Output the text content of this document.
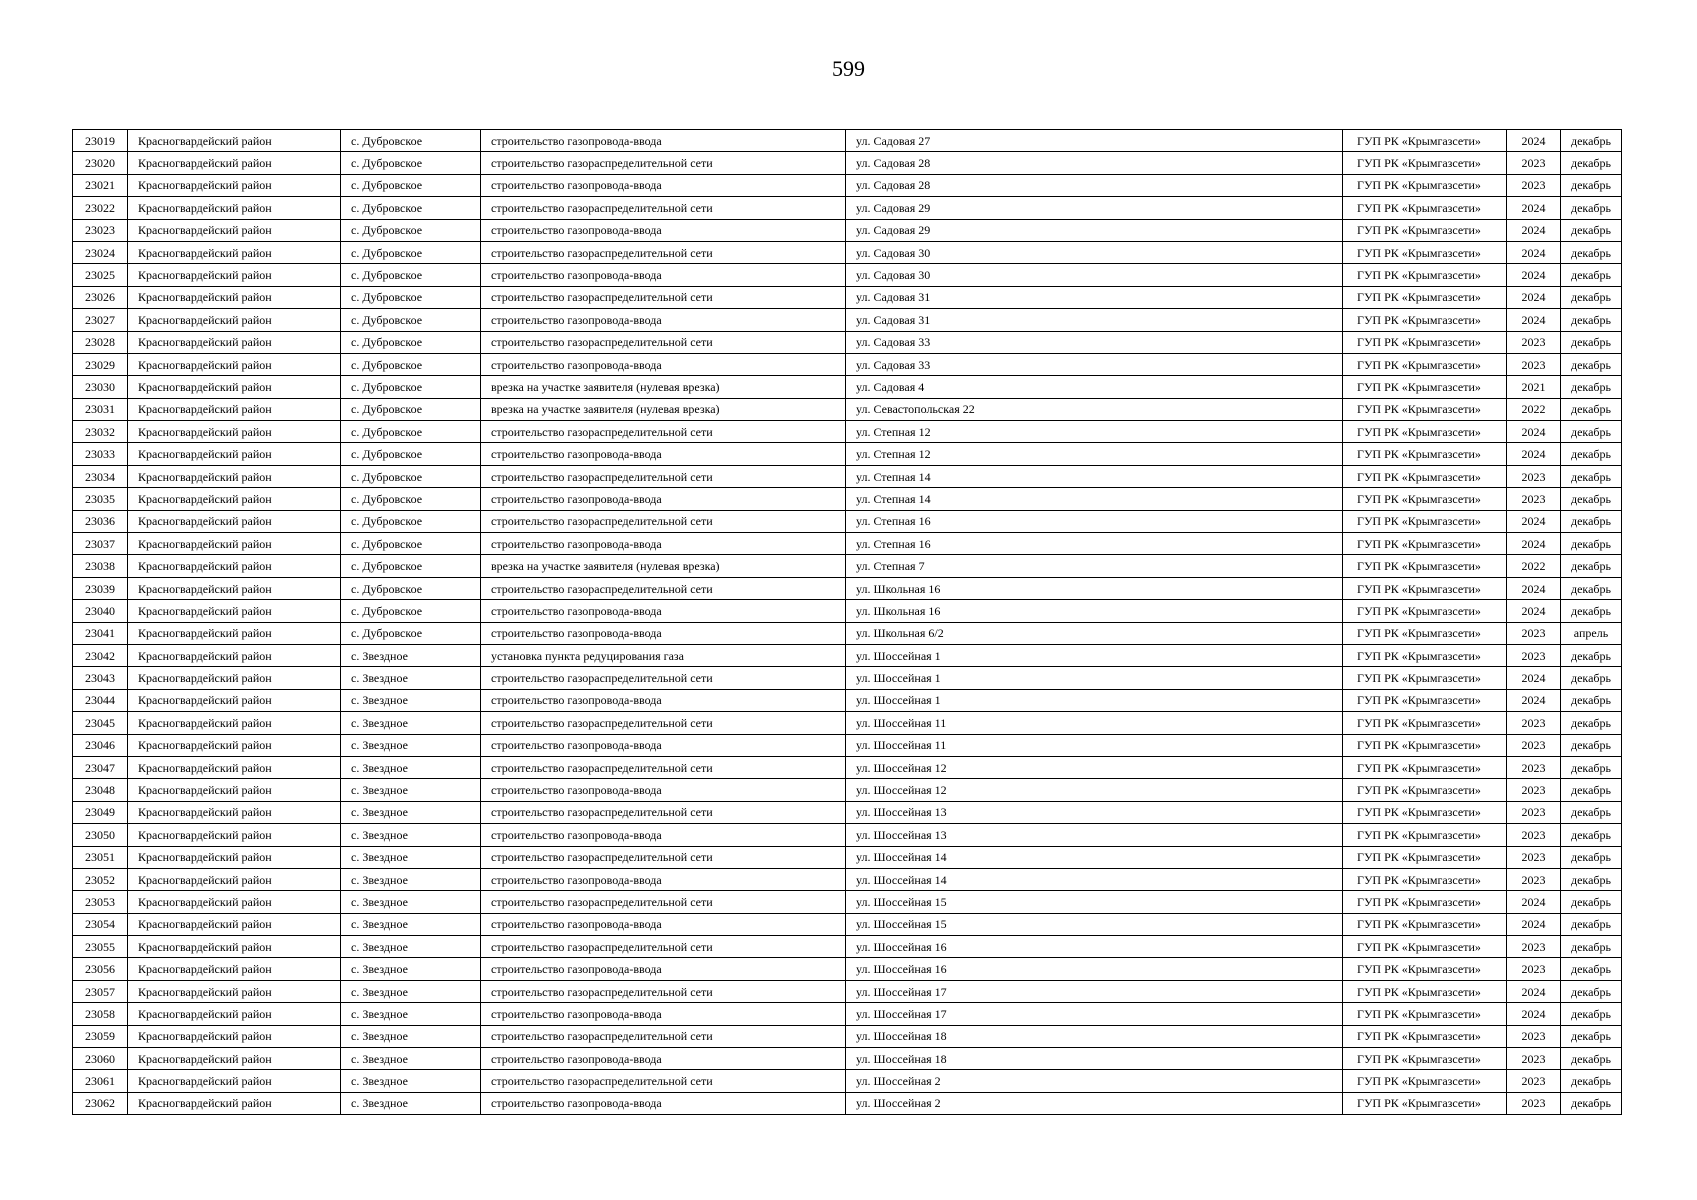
599
23019	Красногвардейский район	с. Дубровское	строительство газопровода-ввода	ул. Садовая 27	ГУП РК «Крымгазсети»	2024	декабрь
23020	Красногвардейский район	с. Дубровское	строительство газораспределительной сети	ул. Садовая 28	ГУП РК «Крымгазсети»	2023	декабрь
23021	Красногвардейский район	с. Дубровское	строительство газопровода-ввода	ул. Садовая 28	ГУП РК «Крымгазсети»	2023	декабрь
23022	Красногвардейский район	с. Дубровское	строительство газораспределительной сети	ул. Садовая 29	ГУП РК «Крымгазсети»	2024	декабрь
23023	Красногвардейский район	с. Дубровское	строительство газопровода-ввода	ул. Садовая 29	ГУП РК «Крымгазсети»	2024	декабрь
23024	Красногвардейский район	с. Дубровское	строительство газораспределительной сети	ул. Садовая 30	ГУП РК «Крымгазсети»	2024	декабрь
23025	Красногвардейский район	с. Дубровское	строительство газопровода-ввода	ул. Садовая 30	ГУП РК «Крымгазсети»	2024	декабрь
23026	Красногвардейский район	с. Дубровское	строительство газораспределительной сети	ул. Садовая 31	ГУП РК «Крымгазсети»	2024	декабрь
23027	Красногвардейский район	с. Дубровское	строительство газопровода-ввода	ул. Садовая 31	ГУП РК «Крымгазсети»	2024	декабрь
23028	Красногвардейский район	с. Дубровское	строительство газораспределительной сети	ул. Садовая 33	ГУП РК «Крымгазсети»	2023	декабрь
23029	Красногвардейский район	с. Дубровское	строительство газопровода-ввода	ул. Садовая 33	ГУП РК «Крымгазсети»	2023	декабрь
23030	Красногвардейский район	с. Дубровское	врезка на участке заявителя (нулевая врезка)	ул. Садовая 4	ГУП РК «Крымгазсети»	2021	декабрь
23031	Красногвардейский район	с. Дубровское	врезка на участке заявителя (нулевая врезка)	ул. Севастопольская 22	ГУП РК «Крымгазсети»	2022	декабрь
23032	Красногвардейский район	с. Дубровское	строительство газораспределительной сети	ул. Степная 12	ГУП РК «Крымгазсети»	2024	декабрь
23033	Красногвардейский район	с. Дубровское	строительство газопровода-ввода	ул. Степная 12	ГУП РК «Крымгазсети»	2024	декабрь
23034	Красногвардейский район	с. Дубровское	строительство газораспределительной сети	ул. Степная 14	ГУП РК «Крымгазсети»	2023	декабрь
23035	Красногвардейский район	с. Дубровское	строительство газопровода-ввода	ул. Степная 14	ГУП РК «Крымгазсети»	2023	декабрь
23036	Красногвардейский район	с. Дубровское	строительство газораспределительной сети	ул. Степная 16	ГУП РК «Крымгазсети»	2024	декабрь
23037	Красногвардейский район	с. Дубровское	строительство газопровода-ввода	ул. Степная 16	ГУП РК «Крымгазсети»	2024	декабрь
23038	Красногвардейский район	с. Дубровское	врезка на участке заявителя (нулевая врезка)	ул. Степная 7	ГУП РК «Крымгазсети»	2022	декабрь
23039	Красногвардейский район	с. Дубровское	строительство газораспределительной сети	ул. Школьная 16	ГУП РК «Крымгазсети»	2024	декабрь
23040	Красногвардейский район	с. Дубровское	строительство газопровода-ввода	ул. Школьная 16	ГУП РК «Крымгазсети»	2024	декабрь
23041	Красногвардейский район	с. Дубровское	строительство газопровода-ввода	ул. Школьная 6/2	ГУП РК «Крымгазсети»	2023	апрель
23042	Красногвардейский район	с. Звездное	установка пункта редуцирования газа	ул. Шоссейная 1	ГУП РК «Крымгазсети»	2023	декабрь
23043	Красногвардейский район	с. Звездное	строительство газораспределительной сети	ул. Шоссейная 1	ГУП РК «Крымгазсети»	2024	декабрь
23044	Красногвардейский район	с. Звездное	строительство газопровода-ввода	ул. Шоссейная 1	ГУП РК «Крымгазсети»	2024	декабрь
23045	Красногвардейский район	с. Звездное	строительство газораспределительной сети	ул. Шоссейная 11	ГУП РК «Крымгазсети»	2023	декабрь
23046	Красногвардейский район	с. Звездное	строительство газопровода-ввода	ул. Шоссейная 11	ГУП РК «Крымгазсети»	2023	декабрь
23047	Красногвардейский район	с. Звездное	строительство газораспределительной сети	ул. Шоссейная 12	ГУП РК «Крымгазсети»	2023	декабрь
23048	Красногвардейский район	с. Звездное	строительство газопровода-ввода	ул. Шоссейная 12	ГУП РК «Крымгазсети»	2023	декабрь
23049	Красногвардейский район	с. Звездное	строительство газораспределительной сети	ул. Шоссейная 13	ГУП РК «Крымгазсети»	2023	декабрь
23050	Красногвардейский район	с. Звездное	строительство газопровода-ввода	ул. Шоссейная 13	ГУП РК «Крымгазсети»	2023	декабрь
23051	Красногвардейский район	с. Звездное	строительство газораспределительной сети	ул. Шоссейная 14	ГУП РК «Крымгазсети»	2023	декабрь
23052	Красногвардейский район	с. Звездное	строительство газопровода-ввода	ул. Шоссейная 14	ГУП РК «Крымгазсети»	2023	декабрь
23053	Красногвардейский район	с. Звездное	строительство газораспределительной сети	ул. Шоссейная 15	ГУП РК «Крымгазсети»	2024	декабрь
23054	Красногвардейский район	с. Звездное	строительство газопровода-ввода	ул. Шоссейная 15	ГУП РК «Крымгазсети»	2024	декабрь
23055	Красногвардейский район	с. Звездное	строительство газораспределительной сети	ул. Шоссейная 16	ГУП РК «Крымгазсети»	2023	декабрь
23056	Красногвардейский район	с. Звездное	строительство газопровода-ввода	ул. Шоссейная 16	ГУП РК «Крымгазсети»	2023	декабрь
23057	Красногвардейский район	с. Звездное	строительство газораспределительной сети	ул. Шоссейная 17	ГУП РК «Крымгазсети»	2024	декабрь
23058	Красногвардейский район	с. Звездное	строительство газопровода-ввода	ул. Шоссейная 17	ГУП РК «Крымгазсети»	2024	декабрь
23059	Красногвардейский район	с. Звездное	строительство газораспределительной сети	ул. Шоссейная 18	ГУП РК «Крымгазсети»	2023	декабрь
23060	Красногвардейский район	с. Звездное	строительство газопровода-ввода	ул. Шоссейная 18	ГУП РК «Крымгазсети»	2023	декабрь
23061	Красногвардейский район	с. Звездное	строительство газораспределительной сети	ул. Шоссейная 2	ГУП РК «Крымгазсети»	2023	декабрь
23062	Красногвардейский район	с. Звездное	строительство газопровода-ввода	ул. Шоссейная 2	ГУП РК «Крымгазсети»	2023	декабрь
